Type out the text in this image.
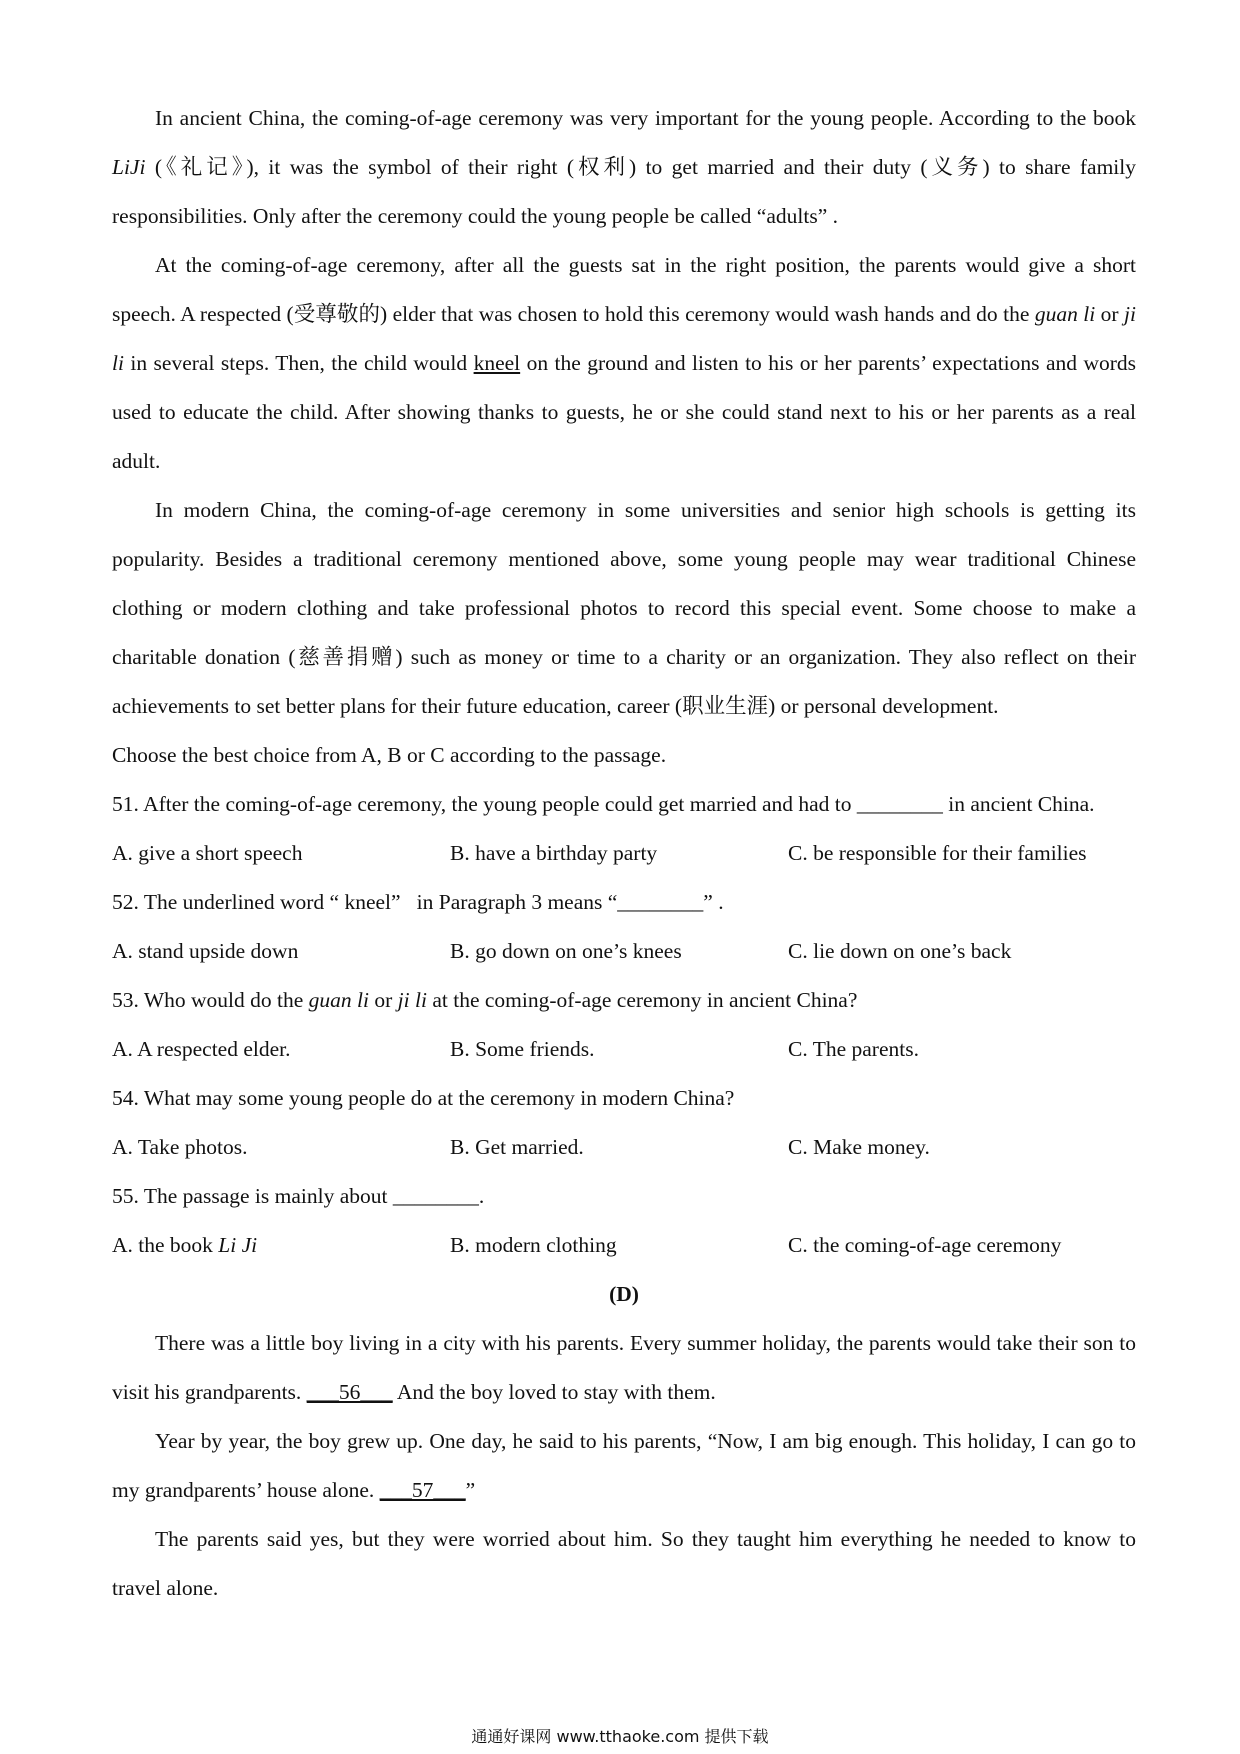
In ancient China, the coming-of-age ceremony was very important for the young people. According to the book LiJi (《礼记》), it was the symbol of their right (权利) to get married and their duty (义务) to share family responsibilities. Only after the ceremony could the young people be called “adults” .

At the coming-of-age ceremony, after all the guests sat in the right position, the parents would give a short speech. A respected (受尊敬的) elder that was chosen to hold this ceremony would wash hands and do the guan li or ji li in several steps. Then, the child would kneel on the ground and listen to his or her parents’ expectations and words used to educate the child. After showing thanks to guests, he or she could stand next to his or her parents as a real adult.

In modern China, the coming-of-age ceremony in some universities and senior high schools is getting its popularity. Besides a traditional ceremony mentioned above, some young people may wear traditional Chinese clothing or modern clothing and take professional photos to record this special event. Some choose to make a charitable donation (慈善捐赠) such as money or time to a charity or an organization. They also reflect on their achievements to set better plans for their future education, career (职业生涯) or personal development.

Choose the best choice from A, B or C according to the passage.

51. After the coming-of-age ceremony, the young people could get married and had to ________ in ancient China.

A. give a short speech	B. have a birthday party	C. be responsible for their families

52. The underlined word “ kneel”   in Paragraph 3 means “________” .

A. stand upside down	B. go down on one’s knees	C. lie down on one’s back

53. Who would do the guan li or ji li at the coming-of-age ceremony in ancient China?

A. A respected elder.	B. Some friends.	C. The parents.

54. What may some young people do at the ceremony in modern China?

A. Take photos.	B. Get married.	C. Make money.

55. The passage is mainly about ________.

A. the book Li Ji	B. modern clothing	C. the coming-of-age ceremony

(D)

There was a little boy living in a city with his parents. Every summer holiday, the parents would take their son to visit his grandparents. ___56___ And the boy loved to stay with them.

Year by year, the boy grew up. One day, he said to his parents, “Now, I am big enough. This holiday, I can go to my grandparents’ house alone. ___57___”

The parents said yes, but they were worried about him. So they taught him everything he needed to know to travel alone.

通通好课网 www.tthaoke.com 提供下载
